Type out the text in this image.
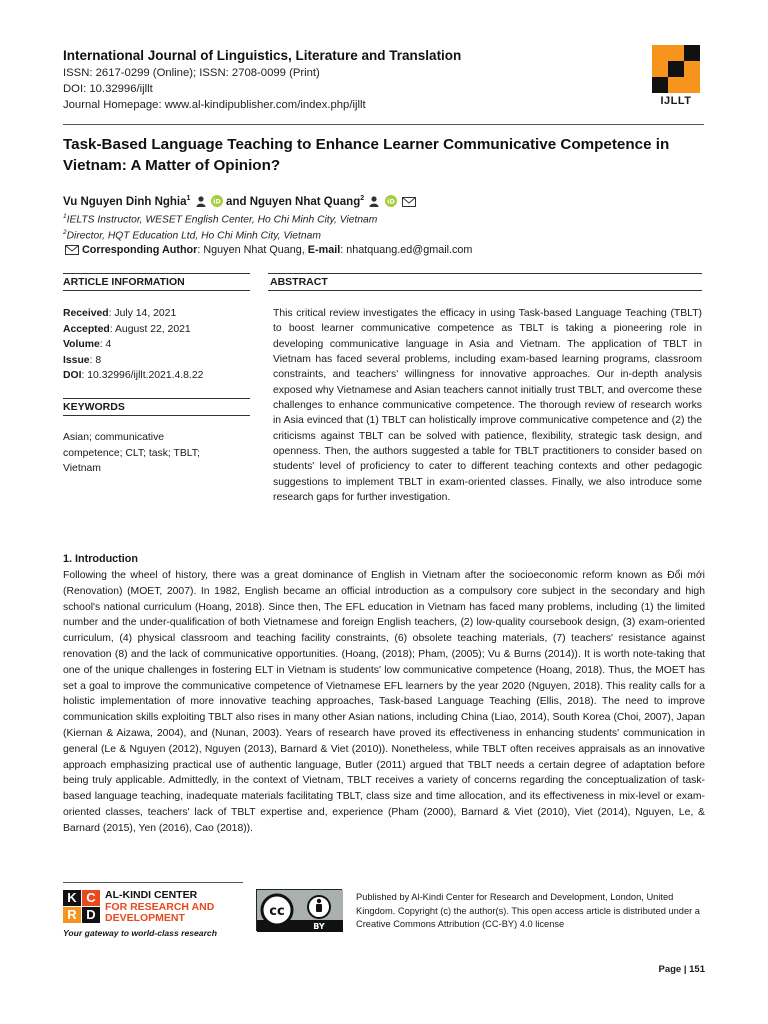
International Journal of Linguistics, Literature and Translation
ISSN: 2617-0299 (Online); ISSN: 2708-0099 (Print)
DOI: 10.32996/ijllt
Journal Homepage: www.al-kindipublisher.com/index.php/ijllt	IJLLT
Task-Based Language Teaching to Enhance Learner Communicative Competence in Vietnam: A Matter of Opinion?
Vu Nguyen Dinh Nghia$^1$	iD and Nguyen Nhat Quang$^2$	iD

$^1$IELTS Instructor, WESET English Center, Ho Chi Minh City, Vietnam
$^2$Director, HQT Education Ltd, Ho Chi Minh City, Vietnam
Corresponding Author: Nguyen Nhat Quang, E-mail: nhatquang.ed@gmail.com
ARTICLE INFORMATION	ABSTRACT
Received: July 14, 2021
Accepted: August 22, 2021
Volume: 4
Issue: 8
DOI: 10.32996/ijllt.2021.4.8.22
KEYWORDS
Asian; communicative competence; CLT; task; TBLT; Vietnam
This critical review investigates the efficacy in using Task-based Language Teaching (TBLT) to boost learner communicative competence as TBLT is taking a pioneering role in developing communicative language in Asia and Vietnam. The application of TBLT in Vietnam has faced several problems, including exam-based learning programs, classroom constraints, and teachers' willingness for innovative approaches. Our in-depth analysis exposed why Vietnamese and Asian teachers cannot initially trust TBLT, and overcome these challenges to enhance communicative competence. The thorough review of research works in Asia evinced that (1) TBLT can holistically improve communicative competence and (2) the criticisms against TBLT can be solved with patience, flexibility, strategic task design, and openness. Then, the authors suggested a table for TBLT practitioners to consider based on students' level of proficiency to cater to different teaching contexts and other pedagogic suggestions to implement TBLT in exam-oriented classes. Finally, we also introduce some research gaps for further investigation.
1. Introduction
Following the wheel of history, there was a great dominance of English in Vietnam after the socioeconomic reform known as Đổi mới (Renovation) (MOET, 2007). In 1982, English became an official introduction as a compulsory core subject in the secondary and high school's national curriculum (Hoang, 2018). Since then, The EFL education in Vietnam has faced many problems, including (1) the limited number and the under-qualification of both Vietnamese and foreign English teachers, (2) low-quality coursebook design, (3) exam-oriented curriculum, (4) physical classroom and teaching facility constraints, (6) obsolete teaching materials, (7) teachers' resistance against renovation (8) and the lack of communicative opportunities. (Hoang, (2018); Pham, (2005); Vu & Burns (2014)). It is worth note-taking that one of the unique challenges in fostering ELT in Vietnam is students' low communicative competence (Hoang, 2018). Thus, the MOET has set a goal to improve the communicative competence of Vietnamese EFL learners by the year 2020 (Nguyen, 2018). This reality calls for a holistic implementation of more innovative teaching approaches, Task-based Language Teaching (Ellis, 2018). The need to improve communication skills exploiting TBLT also rises in many other Asian nations, including China (Liao, 2014), South Korea (Choi, 2007), Japan (Kiernan & Aizawa, 2004), and (Nunan, 2003). Years of research have proved its effectiveness in enhancing students' communication in general (Le & Nguyen (2012), Nguyen (2013), Barnard & Viet (2010)). Nonetheless, while TBLT often receives appraisals as an innovative approach emphasizing practical use of authentic language, Butler (2011) argued that TBLT needs a certain degree of adaptation before being truly applicable. Admittedly, in the context of Vietnam, TBLT receives a variety of concerns regarding the conceptualization of task-based language teaching, inadequate materials facilitating TBLT, class size and time allocation, and its effectiveness in mix-level or exam-oriented classes, teachers' lack of TBLT expertise and, experience (Pham (2000), Barnard & Viet (2010), Viet (2014), Nguyen, Le, & Barnard (2015), Yen (2016), Cao (2018)).
K C
R D
AL-KINDI CENTER
FOR RESEARCH AND
DEVELOPMENT
Your gateway to world-class research
cc
BY
Published by Al-Kindi Center for Research and Development, London, United Kingdom. Copyright (c) the author(s). This open access article is distributed under a Creative Commons Attribution (CC-BY) 4.0 license
Page | 151
